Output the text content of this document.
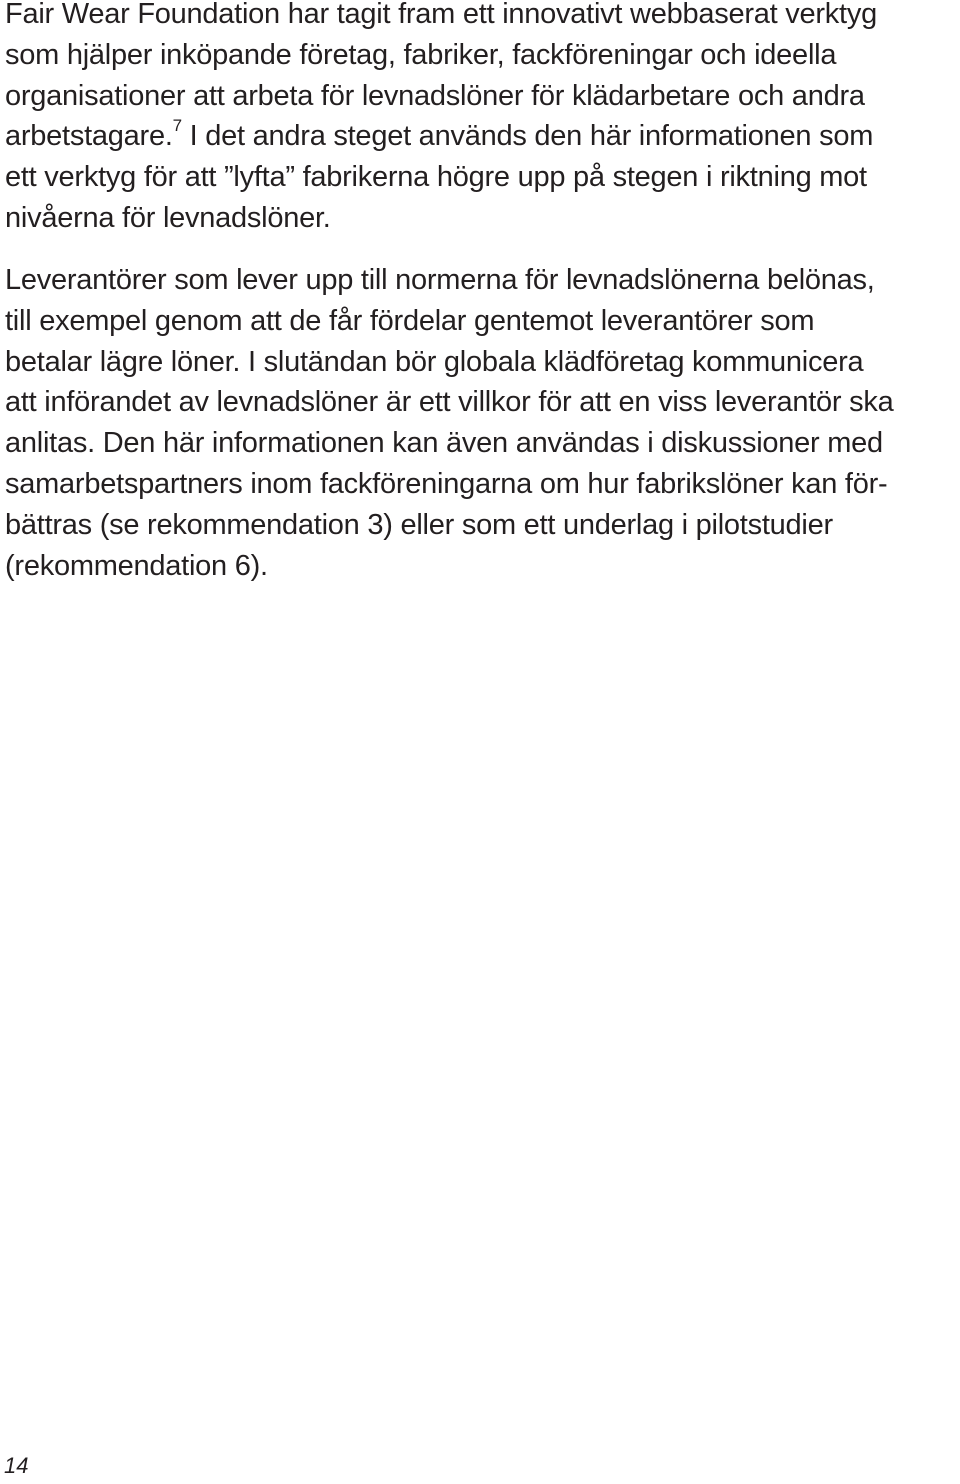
Fair Wear Foundation har tagit fram ett innovativt webbaserat verktyg
som hjälper inköpande företag, fabriker, fackföreningar och ideella
organisationer att arbeta för levnadslöner för klädarbetare och andra
arbetstagare.$^7$ I det andra steget används den här informationen som
ett verktyg för att ”lyfta” fabrikerna högre upp på stegen i riktning mot
nivåerna för levnadslöner.

Leverantörer som lever upp till normerna för levnadslönerna belönas,
till exempel genom att de får fördelar gentemot leverantörer som
betalar lägre löner. I slutändan bör globala klädföretag kommunicera
att införandet av levnadslöner är ett villkor för att en viss leverantör ska
anlitas. Den här informationen kan även användas i diskussioner med
samarbetspartners inom fackföreningarna om hur fabrikslöner kan för-
bättras (se rekommendation 3) eller som ett underlag i pilotstudier
(rekommendation 6).

14
